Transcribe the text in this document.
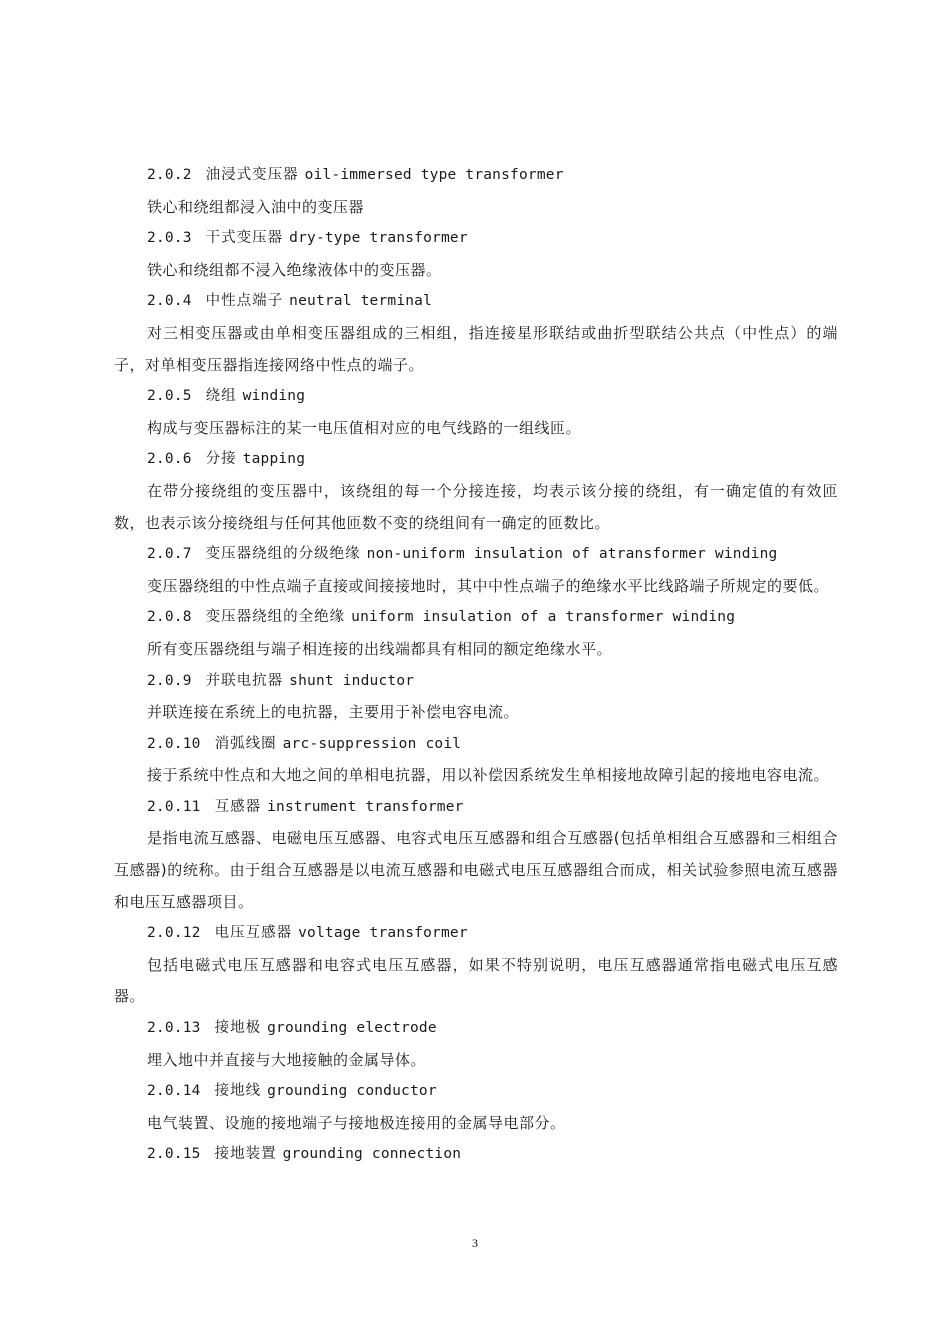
2.0.2 油浸式变压器 oil-immersed type transformer

铁心和绕组都浸入油中的变压器

2.0.3 干式变压器 dry-type transformer

铁心和绕组都不浸入绝缘液体中的变压器。

2.0.4 中性点端子 neutral terminal

对三相变压器或由单相变压器组成的三相组，指连接星形联结或曲折型联结公共点（中性点）的端子，对单相变压器指连接网络中性点的端子。

2.0.5 绕组 winding

构成与变压器标注的某一电压值相对应的电气线路的一组线匝。

2.0.6 分接 tapping

在带分接绕组的变压器中，该绕组的每一个分接连接，均表示该分接的绕组，有一确定值的有效匝数，也表示该分接绕组与任何其他匝数不变的绕组间有一确定的匝数比。

2.0.7 变压器绕组的分级绝缘 non-uniform insulation of atransformer winding

变压器绕组的中性点端子直接或间接接地时，其中中性点端子的绝缘水平比线路端子所规定的要低。

2.0.8 变压器绕组的全绝缘 uniform insulation of a transformer winding

所有变压器绕组与端子相连接的出线端都具有相同的额定绝缘水平。

2.0.9 并联电抗器 shunt inductor

并联连接在系统上的电抗器，主要用于补偿电容电流。

2.0.10 消弧线圈 arc-suppression coil

接于系统中性点和大地之间的单相电抗器，用以补偿因系统发生单相接地故障引起的接地电容电流。

2.0.11 互感器 instrument transformer

是指电流互感器、电磁电压互感器、电容式电压互感器和组合互感器(包括单相组合互感器和三相组合互感器)的统称。由于组合互感器是以电流互感器和电磁式电压互感器组合而成，相关试验参照电流互感器和电压互感器项目。

2.0.12 电压互感器 voltage transformer

包括电磁式电压互感器和电容式电压互感器，如果不特别说明，电压互感器通常指电磁式电压互感器。

2.0.13 接地极 grounding electrode

埋入地中并直接与大地接触的金属导体。

2.0.14 接地线 grounding conductor

电气装置、设施的接地端子与接地极连接用的金属导电部分。

2.0.15 接地装置 grounding connection

3
